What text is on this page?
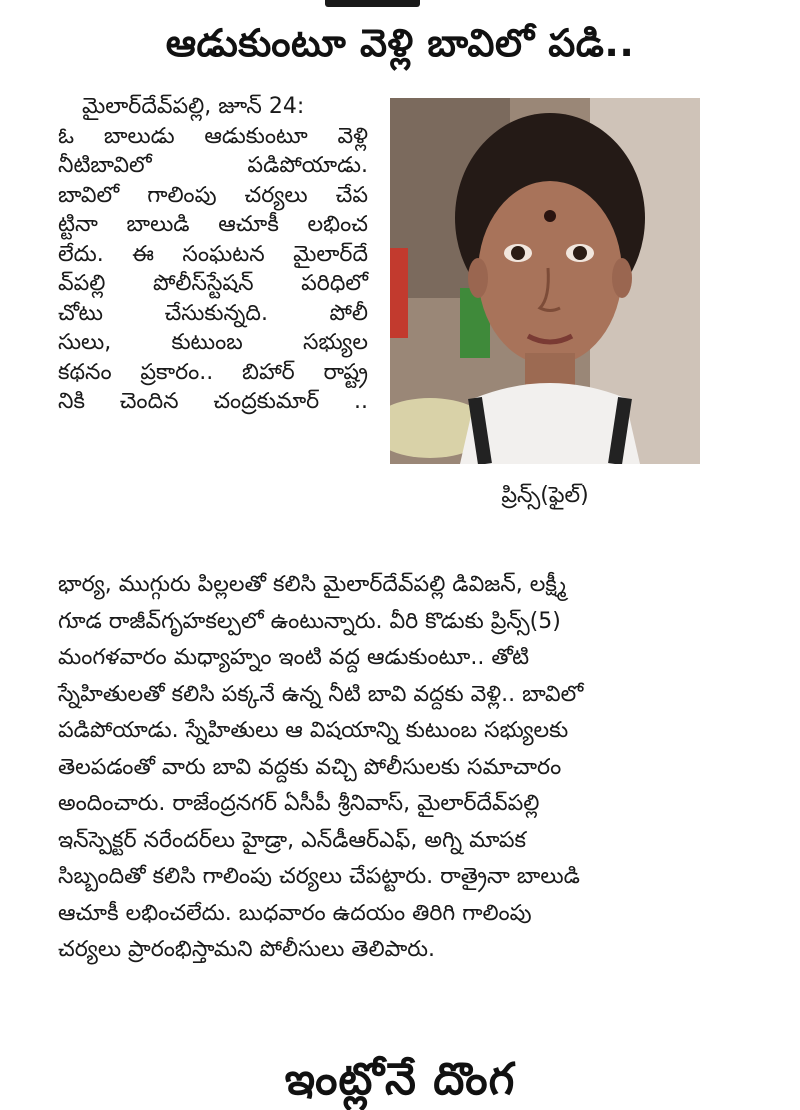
ఆడుకుంటూ వెళ్లి బావిలో పడి..
మైలార్‌దేవ్‌పల్లి, జూన్ 24:
ఓ బాలుడు ఆడుకుంటూ వెళ్లి
నీటిబావిలో పడిపోయాడు.
బావిలో గాలింపు చర్యలు చేప
ట్టినా బాలుడి ఆచూకీ లభించ
లేదు. ఈ సంఘటన మైలార్‌దే
వ్‌పల్లి పోలీస్‌స్టేషన్ పరిధిలో
చోటు చేసుకున్నది. పోలీ
సులు, కుటుంబ సభ్యుల
కథనం ప్రకారం.. బిహార్ రాష్ట్ర
నికి చెందిన చంద్రకుమార్ ..
ప్రిన్స్(ఫైల్)
భార్య, ముగ్గురు పిల్లలతో కలిసి మైలార్‌దేవ్‌పల్లి డివిజన్, లక్ష్మీ
గూడ రాజీవ్‌గృహకల్పలో ఉంటున్నారు. వీరి కొడుకు ప్రిన్స్(5)
మంగళవారం మధ్యాహ్నం ఇంటి వద్ద ఆడుకుంటూ.. తోటి
స్నేహితులతో కలిసి పక్కనే ఉన్న నీటి బావి వద్దకు వెళ్లి.. బావిలో
పడిపోయాడు. స్నేహితులు ఆ విషయాన్ని కుటుంబ సభ్యులకు
తెలపడంతో వారు బావి వద్దకు వచ్చి పోలీసులకు సమాచారం
అందించారు. రాజేంద్రనగర్ ఏసీపీ శ్రీనివాస్, మైలార్‌దేవ్‌పల్లి
ఇన్‌స్పెక్టర్ నరేందర్‌లు హైడ్రా, ఎన్‌డీఆర్‌ఎఫ్, అగ్ని మాపక
సిబ్బందితో కలిసి గాలింపు చర్యలు చేపట్టారు. రాత్రైనా బాలుడి
ఆచూకీ లభించలేదు. బుధవారం ఉదయం తిరిగి గాలింపు
చర్యలు ప్రారంభిస్తామని పోలీసులు తెలిపారు.
ఇంట్లోనే దొంగ
